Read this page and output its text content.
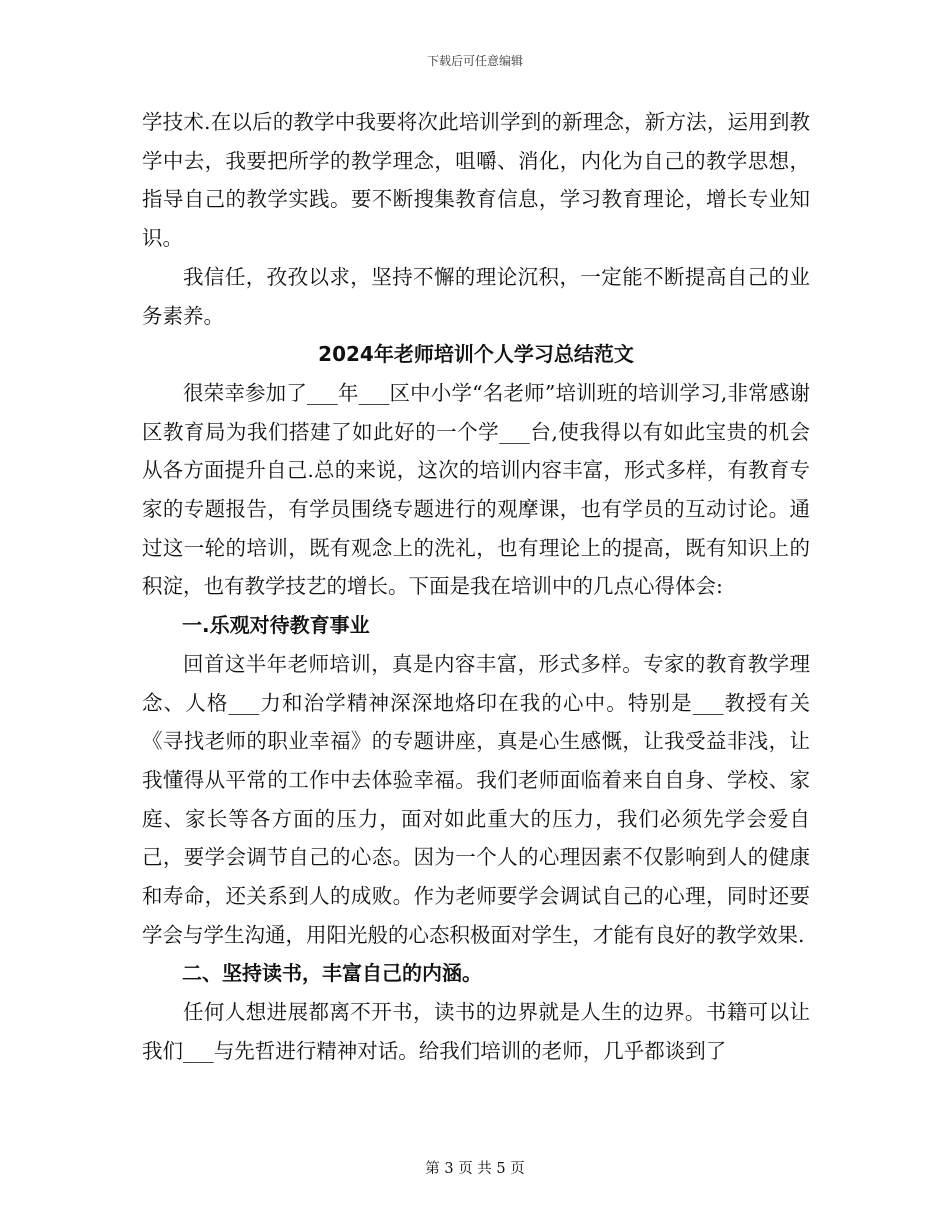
下载后可任意编辑

学技术.在以后的教学中我要将次此培训学到的新理念，新方法，运用到教学中去，我要把所学的教学理念，咀嚼、消化，内化为自己的教学思想，指导自己的教学实践。要不断搜集教育信息，学习教育理论，增长专业知识。

我信任，孜孜以求，坚持不懈的理论沉积，一定能不断提高自己的业务素养。

2024年老师培训个人学习总结范文

很荣幸参加了___年___区中小学“名老师”培训班的培训学习,非常感谢区教育局为我们搭建了如此好的一个学___台,使我得以有如此宝贵的机会从各方面提升自己.总的来说，这次的培训内容丰富，形式多样，有教育专家的专题报告，有学员围绕专题进行的观摩课，也有学员的互动讨论。通过这一轮的培训，既有观念上的洗礼，也有理论上的提高，既有知识上的积淀，也有教学技艺的增长。下面是我在培训中的几点心得体会:

一.乐观对待教育事业

回首这半年老师培训，真是内容丰富，形式多样。专家的教育教学理念、人格___力和治学精神深深地烙印在我的心中。特别是___教授有关《寻找老师的职业幸福》的专题讲座，真是心生感慨，让我受益非浅，让我懂得从平常的工作中去体验幸福。我们老师面临着来自自身、学校、家庭、家长等各方面的压力，面对如此重大的压力，我们必须先学会爱自己，要学会调节自己的心态。因为一个人的心理因素不仅影响到人的健康和寿命，还关系到人的成败。作为老师要学会调试自己的心理，同时还要学会与学生沟通，用阳光般的心态积极面对学生，才能有良好的教学效果.

二、坚持读书，丰富自己的内涵。

任何人想进展都离不开书，读书的边界就是人生的边界。书籍可以让我们___与先哲进行精神对话。给我们培训的老师，几乎都谈到了

第 3 页 共 5 页
